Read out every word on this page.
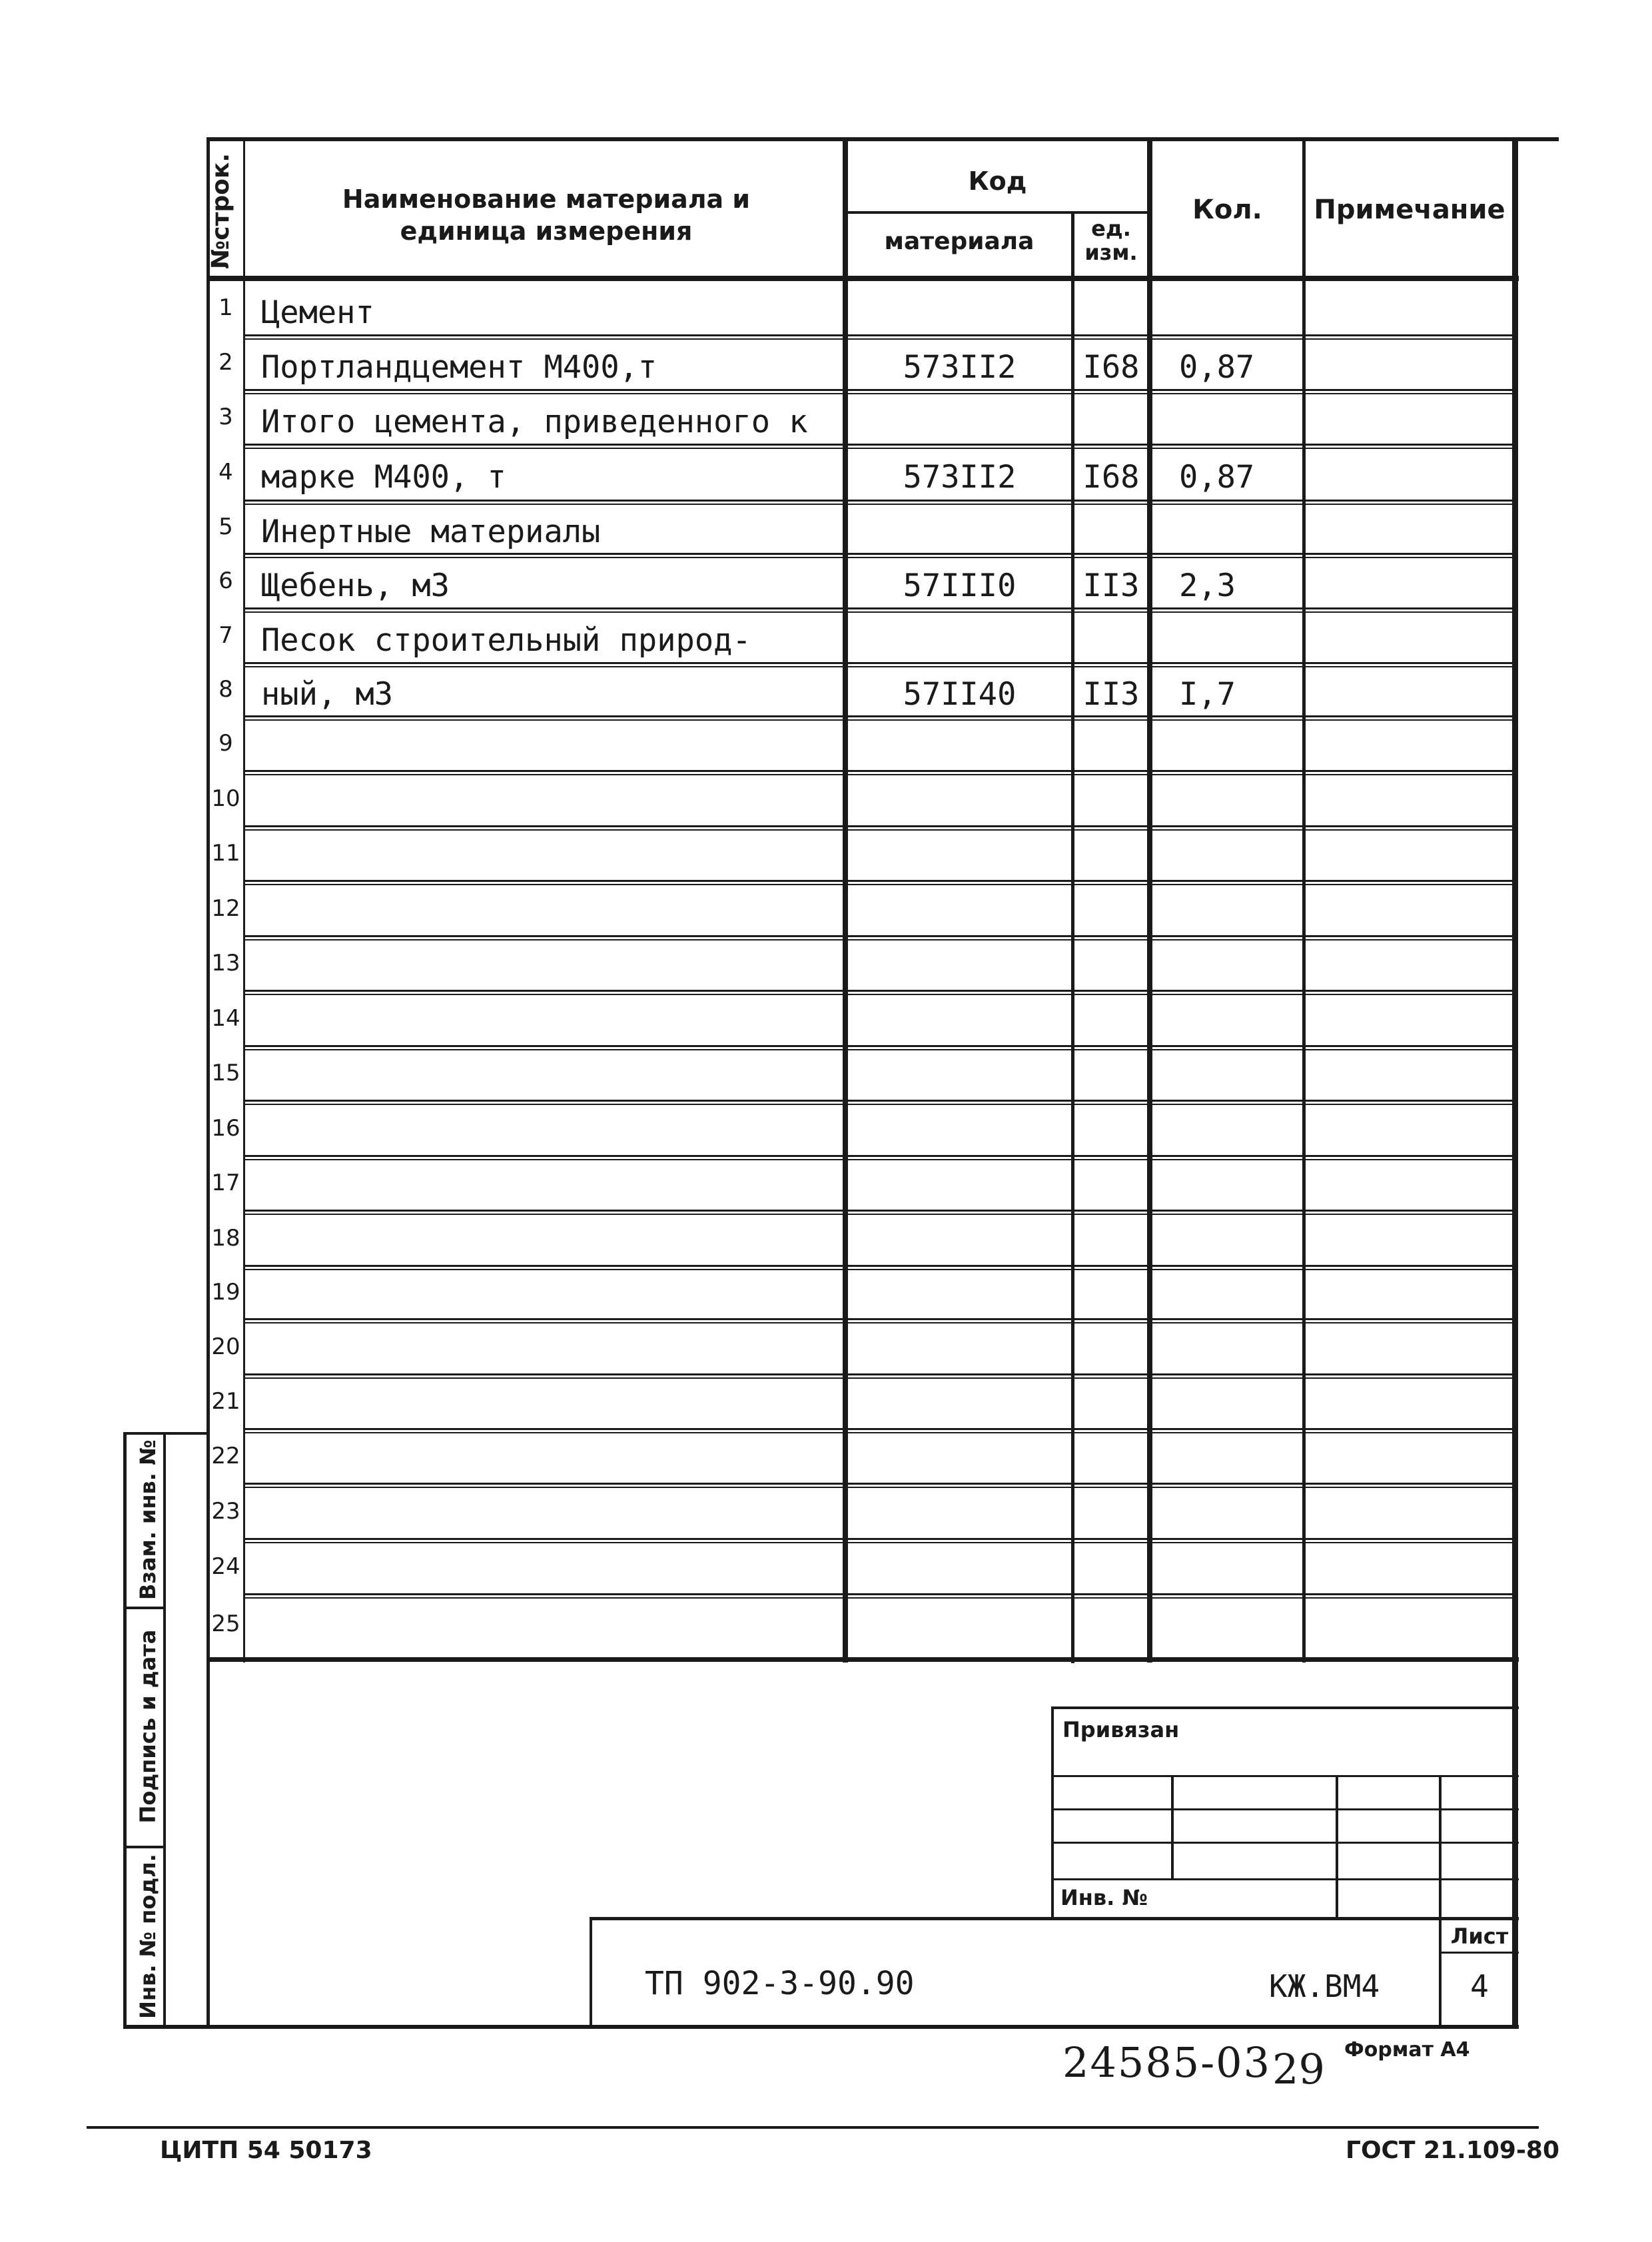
№строк.	Наименование материала и
единица измерения
Код
материала	ед.
изм.
Кол.	Примечание
1 Цемент
2 Портландцемент М400,т	573II2	I68 0,87
3 Итого цемента, приведенного к
4 марке М400, т	573II2	I68 0,87
5 Инертные материалы
6 Щебень, м3	57III0	II3 2,3
7 Песок строительный природ-
8 ный, м3	57II40	II3 I,7
9
10
11
12
13
14
15
16
17
18
19
20
21
22
23
24
25
Взам. инв. №
Подпись и дата
Инв. № подл.
Привязан
Инв. №
ТП 902-3-90.90	КЖ.ВМ4
Лист
4
24585-03 29 Формат А4
ЦИТП 54 50173	ГОСТ 21.109-80
